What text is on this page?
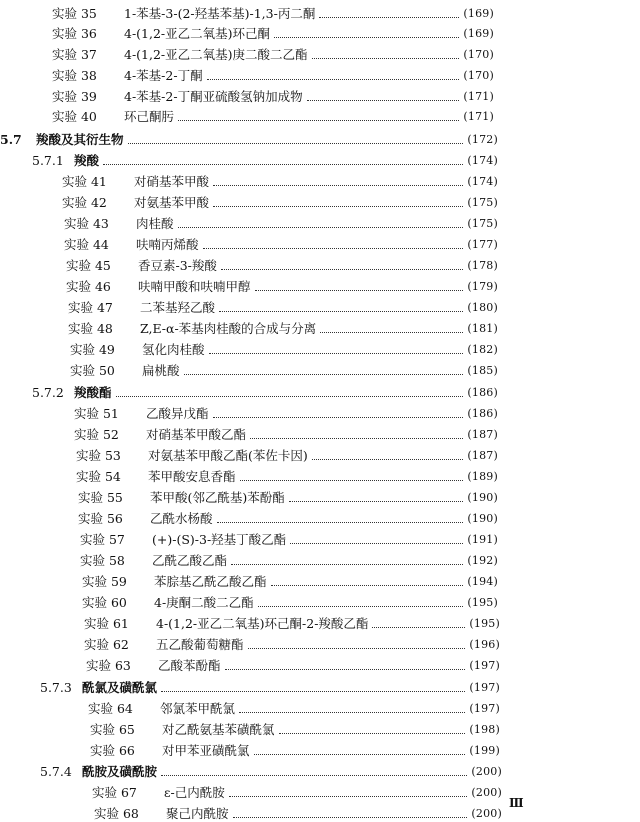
实验 35	1-苯基-3-(2-羟基苯基)-1,3-丙二酮	(169)
实验 36	4-(1,2-亚乙二氧基)环己酮	(169)
实验 37	4-(1,2-亚乙二氧基)庚二酸二乙酯	(170)
实验 38	4-苯基-2-丁酮	(170)
实验 39	4-苯基-2-丁酮亚硫酸氢钠加成物	(171)
实验 40	环己酮肟	(171)
5.7	羧酸及其衍生物	(172)
5.7.1 羧酸	(174)
实验 41	对硝基苯甲酸	(174)
实验 42	对氨基苯甲酸	(175)
实验 43	肉桂酸	(175)
实验 44	呋喃丙烯酸	(177)
实验 45	香豆素-3-羧酸	(178)
实验 46	呋喃甲酸和呋喃甲醇	(179)
实验 47	二苯基羟乙酸	(180)
实验 48	Z,E-α-苯基肉桂酸的合成与分离	(181)
实验 49	氢化肉桂酸	(182)
实验 50	扁桃酸	(185)
5.7.2 羧酸酯	(186)
实验 51	乙酸异戊酯	(186)
实验 52	对硝基苯甲酸乙酯	(187)
实验 53	对氨基苯甲酸乙酯(苯佐卡因)	(187)
实验 54	苯甲酸安息香酯	(189)
实验 55	苯甲酸(邻乙酰基)苯酚酯	(190)
实验 56	乙酰水杨酸	(190)
实验 57	(+)-(S)-3-羟基丁酸乙酯	(191)
实验 58	乙酰乙酸乙酯	(192)
实验 59	苯腙基乙酰乙酸乙酯	(194)
实验 60	4-庚酮二酸二乙酯	(195)
实验 61	4-(1,2-亚乙二氧基)环己酮-2-羧酸乙酯	(195)
实验 62	五乙酸葡萄糖酯	(196)
实验 63	乙酸苯酚酯	(197)
5.7.3 酰氯及磺酰氯	(197)
实验 64	邻氯苯甲酰氯	(197)
实验 65	对乙酰氨基苯磺酰氯	(198)
实验 66	对甲苯亚磺酰氯	(199)
5.7.4 酰胺及磺酰胺	(200)
实验 67	ε-己内酰胺	(200)
实验 68	聚己内酰胺	(200)
Ⅲ
